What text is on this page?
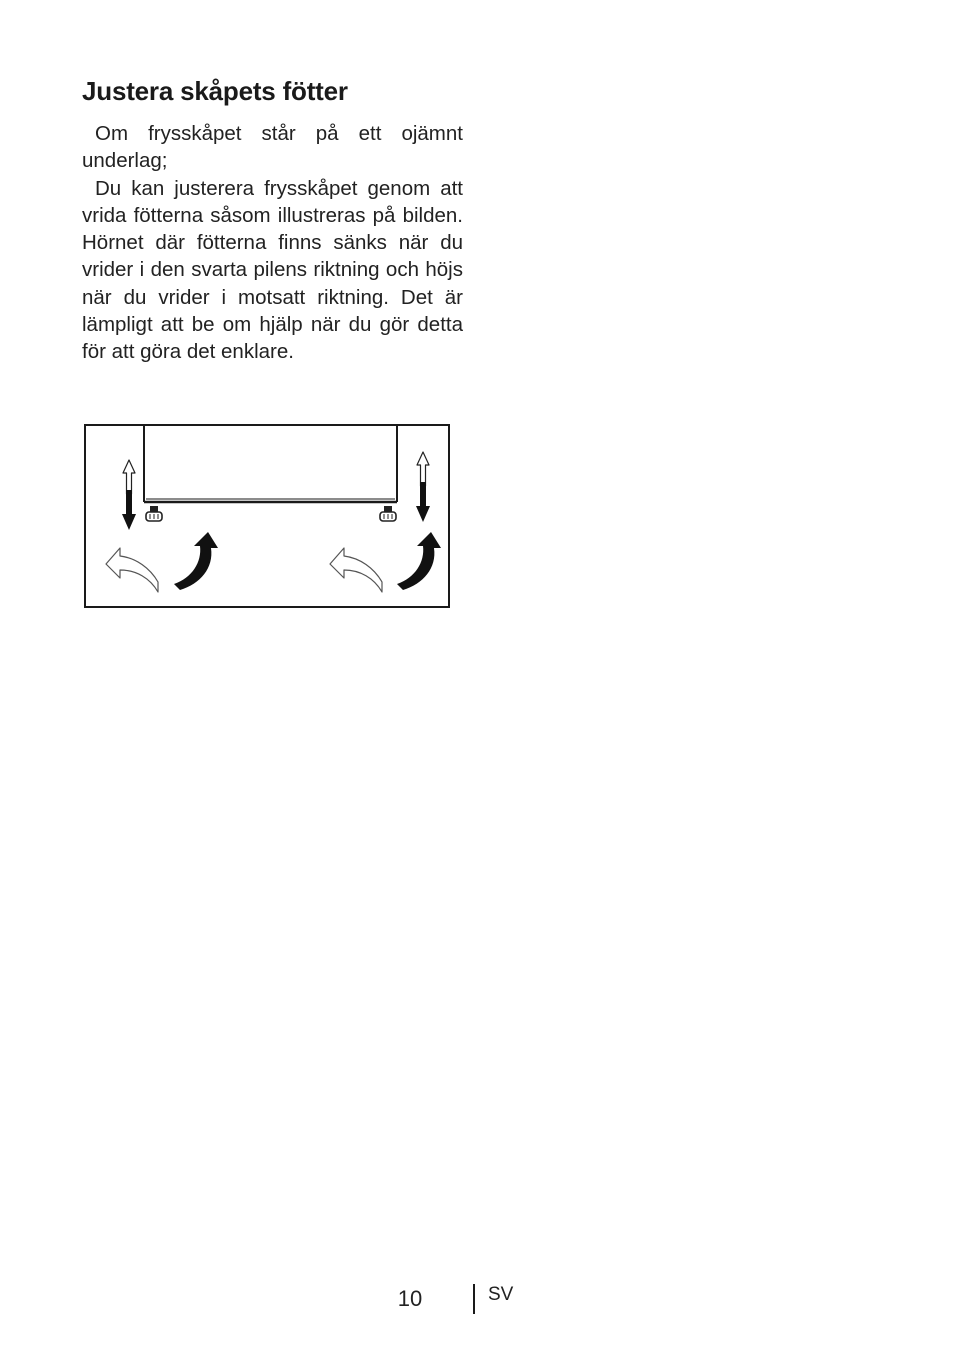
Justera skåpets fötter

Om frysskåpet står på ett ojämnt underlag;

Du kan justerera frysskåpet genom att vrida fötterna såsom illustreras på bilden. Hörnet där fötterna finns sänks när du vrider i den svarta pilens riktning och höjs när du vrider i motsatt riktning. Det är lämpligt att be om hjälp när du gör detta för att göra det enklare.

10	SV
